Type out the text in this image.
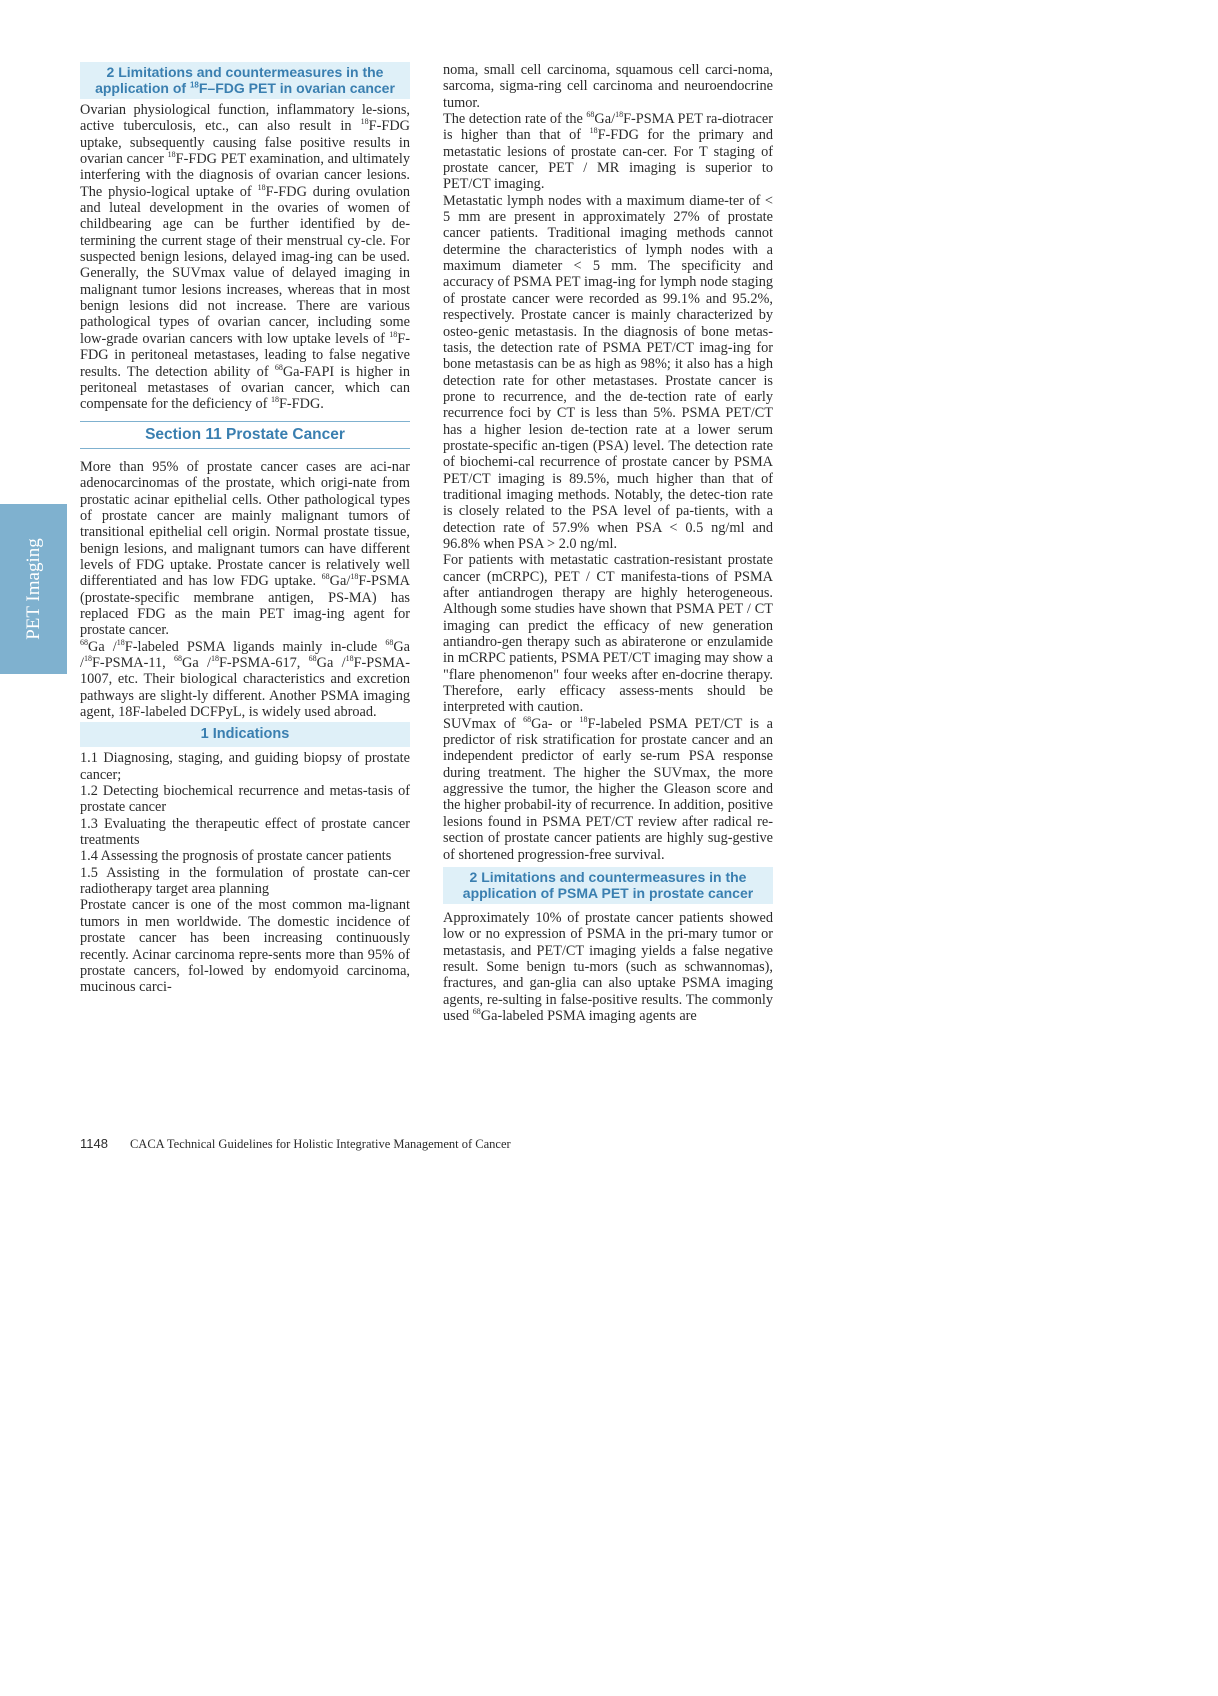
PET Imaging
2 Limitations and countermeasures in the
application of $^{18}$F–FDG PET in ovarian cancer

Ovarian physiological function, inflammatory le-sions, active tuberculosis, etc., can also result in $^{18}$F-FDG uptake, subsequently causing false positive results in ovarian cancer $^{18}$F-FDG PET examination, and ultimately interfering with the diagnosis of ovarian cancer lesions. The physio-logical uptake of $^{18}$F-FDG during ovulation and luteal development in the ovaries of women of childbearing age can be further identified by de-termining the current stage of their menstrual cy-cle. For suspected benign lesions, delayed imag-ing can be used. Generally, the SUVmax value of delayed imaging in malignant tumor lesions increases, whereas that in most benign lesions did not increase. There are various pathological types of ovarian cancer, including some low-grade ovarian cancers with low uptake levels of $^{18}$F-FDG in peritoneal metastases, leading to false negative results. The detection ability of $^{68}$Ga-FAPI is higher in peritoneal metastases of ovarian cancer, which can compensate for the deficiency of $^{18}$F-FDG.

Section 11 Prostate Cancer

More than 95% of prostate cancer cases are aci-nar adenocarcinomas of the prostate, which origi-nate from prostatic acinar epithelial cells. Other pathological types of prostate cancer are mainly malignant tumors of transitional epithelial cell origin. Normal prostate tissue, benign lesions, and malignant tumors can have different levels of FDG uptake. Prostate cancer is relatively well differentiated and has low FDG uptake. $^{68}$Ga/$^{18}$F-PSMA (prostate-specific membrane antigen, PS-MA) has replaced FDG as the main PET imag-ing agent for prostate cancer.

$^{68}$Ga /$^{18}$F-labeled PSMA ligands mainly in-clude $^{68}$Ga /$^{18}$F-PSMA-11, $^{68}$Ga /$^{18}$F-PSMA-617, $^{68}$Ga /$^{18}$F-PSMA-1007, etc. Their biological characteristics and excretion pathways are slight-ly different. Another PSMA imaging agent, 18F-labeled DCFPyL, is widely used abroad.

1 Indications

1.1 Diagnosing, staging, and guiding biopsy of prostate cancer;
1.2 Detecting biochemical recurrence and metas-tasis of prostate cancer
1.3 Evaluating the therapeutic effect of prostate cancer treatments
1.4 Assessing the prognosis of prostate cancer patients
1.5 Assisting in the formulation of prostate can-cer radiotherapy target area planning

Prostate cancer is one of the most common ma-lignant tumors in men worldwide. The domestic incidence of prostate cancer has been increasing continuously recently. Acinar carcinoma repre-sents more than 95% of prostate cancers, fol-lowed by endomyoid carcinoma, mucinous carci-

noma, small cell carcinoma, squamous cell carci-noma, sarcoma, sigma-ring cell carcinoma and neuroendocrine tumor.

The detection rate of the $^{68}$Ga/$^{18}$F-PSMA PET ra-diotracer is higher than that of $^{18}$F-FDG for the primary and metastatic lesions of prostate can-cer. For T staging of prostate cancer, PET / MR imaging is superior to PET/CT imaging.

Metastatic lymph nodes with a maximum diame-ter of < 5 mm are present in approximately 27% of prostate cancer patients. Traditional imaging methods cannot determine the characteristics of lymph nodes with a maximum diameter < 5 mm. The specificity and accuracy of PSMA PET imag-ing for lymph node staging of prostate cancer were recorded as 99.1% and 95.2%, respectively. Prostate cancer is mainly characterized by osteo-genic metastasis. In the diagnosis of bone metas-tasis, the detection rate of PSMA PET/CT imag-ing for bone metastasis can be as high as 98%; it also has a high detection rate for other metastases. Prostate cancer is prone to recurrence, and the de-tection rate of early recurrence foci by CT is less than 5%. PSMA PET/CT has a higher lesion de-tection rate at a lower serum prostate-specific an-tigen (PSA) level. The detection rate of biochemi-cal recurrence of prostate cancer by PSMA PET/CT imaging is 89.5%, much higher than that of traditional imaging methods. Notably, the detec-tion rate is closely related to the PSA level of pa-tients, with a detection rate of 57.9% when PSA < 0.5 ng/ml and 96.8% when PSA > 2.0 ng/ml.

For patients with metastatic castration-resistant prostate cancer (mCRPC), PET / CT manifesta-tions of PSMA after antiandrogen therapy are highly heterogeneous. Although some studies have shown that PSMA PET / CT imaging can predict the efficacy of new generation antiandro-gen therapy such as abiraterone or enzulamide in mCRPC patients, PSMA PET/CT imaging may show a "flare phenomenon" four weeks after en-docrine therapy. Therefore, early efficacy assess-ments should be interpreted with caution.

SUVmax of $^{68}$Ga- or $^{18}$F-labeled PSMA PET/CT is a predictor of risk stratification for prostate cancer and an independent predictor of early se-rum PSA response during treatment. The higher the SUVmax, the more aggressive the tumor, the higher the Gleason score and the higher probabil-ity of recurrence. In addition, positive lesions found in PSMA PET/CT review after radical re-section of prostate cancer patients are highly sug-gestive of shortened progression-free survival.

2 Limitations and countermeasures in the
application of PSMA PET in prostate cancer

Approximately 10% of prostate cancer patients showed low or no expression of PSMA in the pri-mary tumor or metastasis, and PET/CT imaging yields a false negative result. Some benign tu-mors (such as schwannomas), fractures, and gan-glia can also uptake PSMA imaging agents, re-sulting in false-positive results. The commonly used $^{68}$Ga-labeled PSMA imaging agents are

1148 CACA Technical Guidelines for Holistic Integrative Management of Cancer
